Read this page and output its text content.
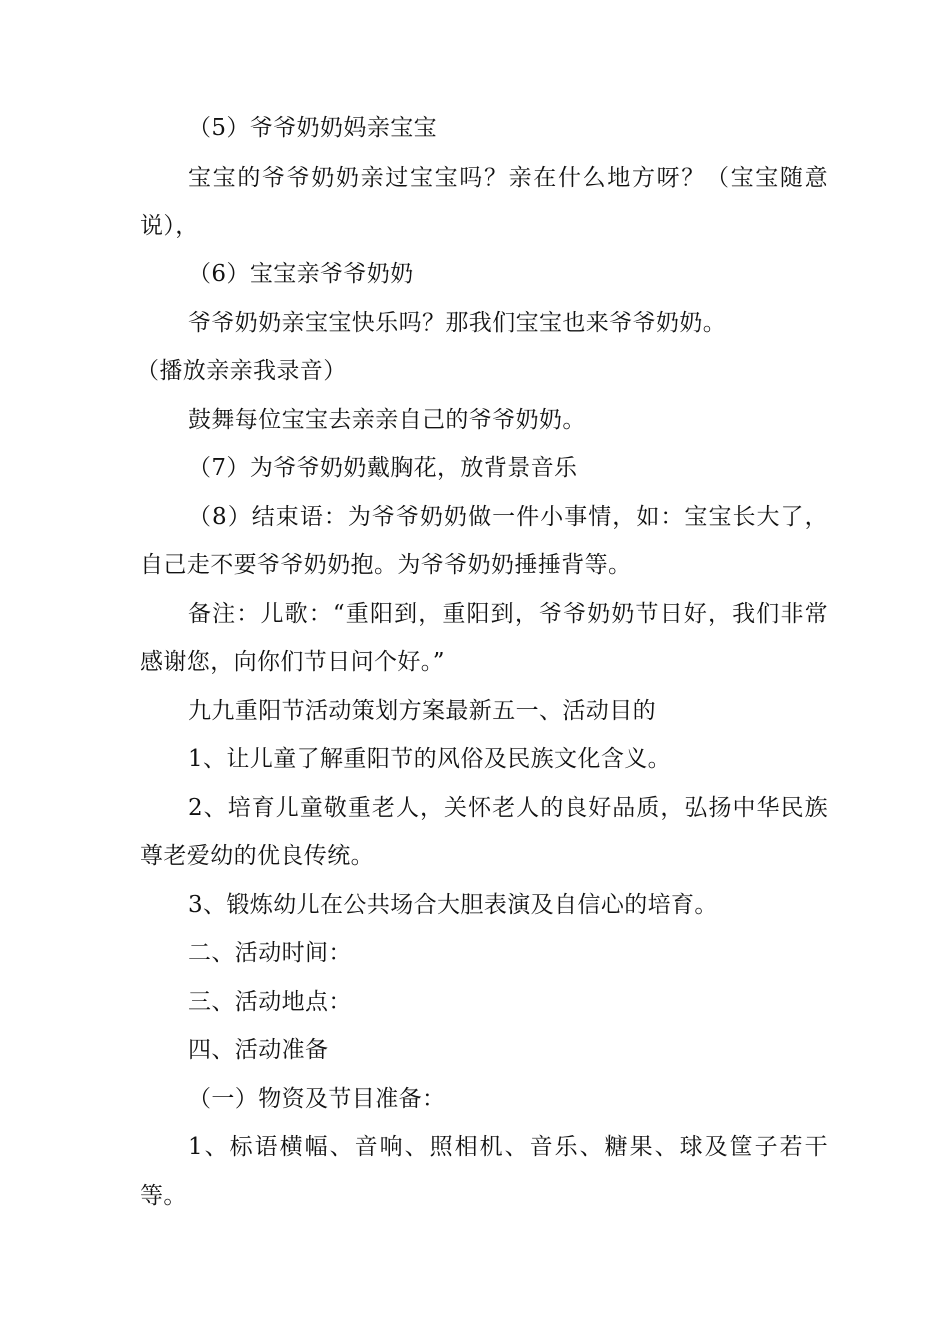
（5）爷爷奶奶妈亲宝宝
宝宝的爷爷奶奶亲过宝宝吗？亲在什么地方呀？（宝宝随意
说），
（6）宝宝亲爷爷奶奶
爷爷奶奶亲宝宝快乐吗？那我们宝宝也来爷爷奶奶。
（播放亲亲我录音）
鼓舞每位宝宝去亲亲自己的爷爷奶奶。
（7）为爷爷奶奶戴胸花，放背景音乐
（8）结束语：为爷爷奶奶做一件小事情，如：宝宝长大了，
自己走不要爷爷奶奶抱。为爷爷奶奶捶捶背等。
备注：儿歌：“重阳到，重阳到，爷爷奶奶节日好，我们非常
感谢您，向你们节日问个好。”
九九重阳节活动策划方案最新五一、活动目的
1、让儿童了解重阳节的风俗及民族文化含义。
2、培育儿童敬重老人，关怀老人的良好品质，弘扬中华民族
尊老爱幼的优良传统。
3、锻炼幼儿在公共场合大胆表演及自信心的培育。
二、活动时间：
三、活动地点：
四、活动准备
（一）物资及节目准备：
1、标语横幅、音响、照相机、音乐、糖果、球及筐子若干
等。
